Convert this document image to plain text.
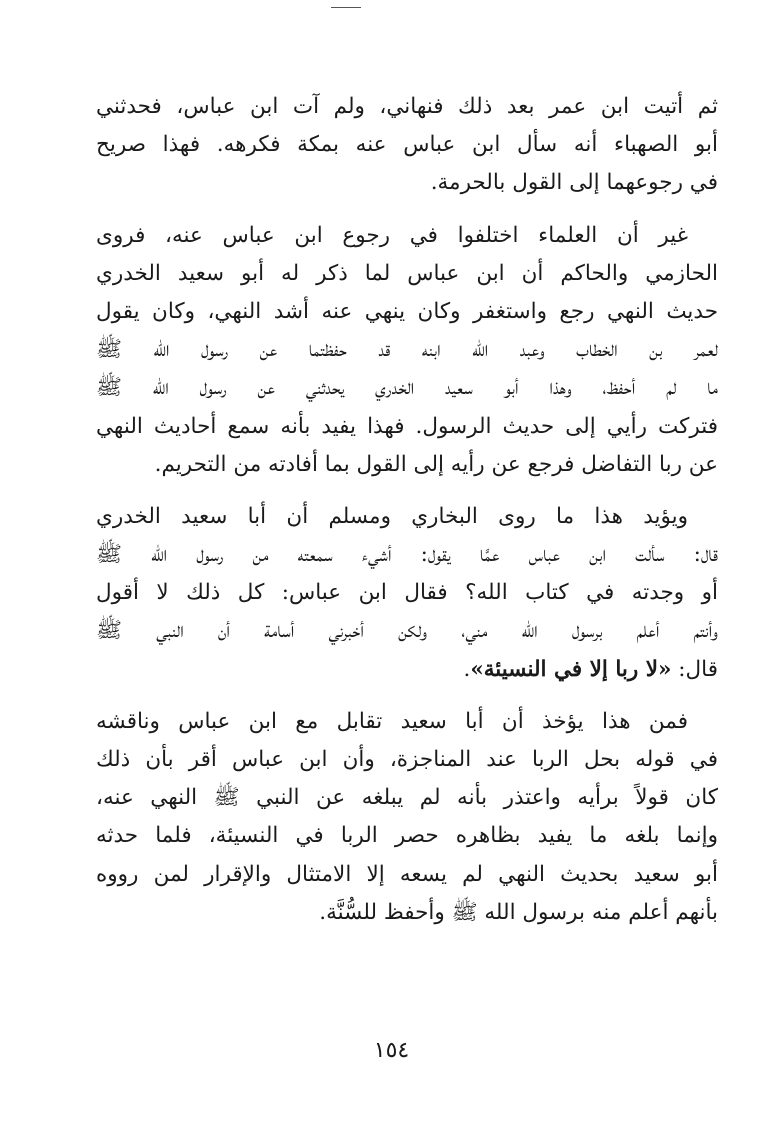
ثم أتيت ابن عمر بعد ذلك فنهاني، ولم آت ابن عباس، فحدثني
أبو الصهباء أنه سأل ابن عباس عنه بمكة فكرهه. فهذا صريح
في رجوعهما إلى القول بالحرمة.

غير أن العلماء اختلفوا في رجوع ابن عباس عنه، فروى
الحازمي والحاكم أن ابن عباس لما ذكر له أبو سعيد الخدري
حديث النهي رجع واستغفر وكان ينهي عنه أشد النهي، وكان يقول
لعمر بن الخطاب وعبد الله ابنه قد حفظتما عن رسول الله ﷺ
ما لم أحفظ، وهذا أبو سعيد الخدري يحدثني عن رسول الله ﷺ
فتركت رأيي إلى حديث الرسول. فهذا يفيد بأنه سمع أحاديث النهي
عن ربا التفاضل فرجع عن رأيه إلى القول بما أفادته من التحريم.

ويؤيد هذا ما روى البخاري ومسلم أن أبا سعيد الخدري
قال: سألت ابن عباس عمَّا يقول: أشيء سمعته من رسول الله ﷺ
أو وجدته في كتاب الله؟ فقال ابن عباس: كل ذلك لا أقول
وأنتم أعلم برسول الله مني، ولكن أخبرني أسامة أن النبي ﷺ
قال: «لا ربا إلا في النسيئة».

فمن هذا يؤخذ أن أبا سعيد تقابل مع ابن عباس وناقشه
في قوله بحل الربا عند المناجزة، وأن ابن عباس أقر بأن ذلك
كان قولاً برأيه واعتذر بأنه لم يبلغه عن النبي ﷺ النهي عنه،
وإنما بلغه ما يفيد بظاهره حصر الربا في النسيئة، فلما حدثه
أبو سعيد بحديث النهي لم يسعه إلا الامتثال والإقرار لمن رووه
بأنهم أعلم منه برسول الله ﷺ وأحفظ للسُّنَّة.

١٥٤
